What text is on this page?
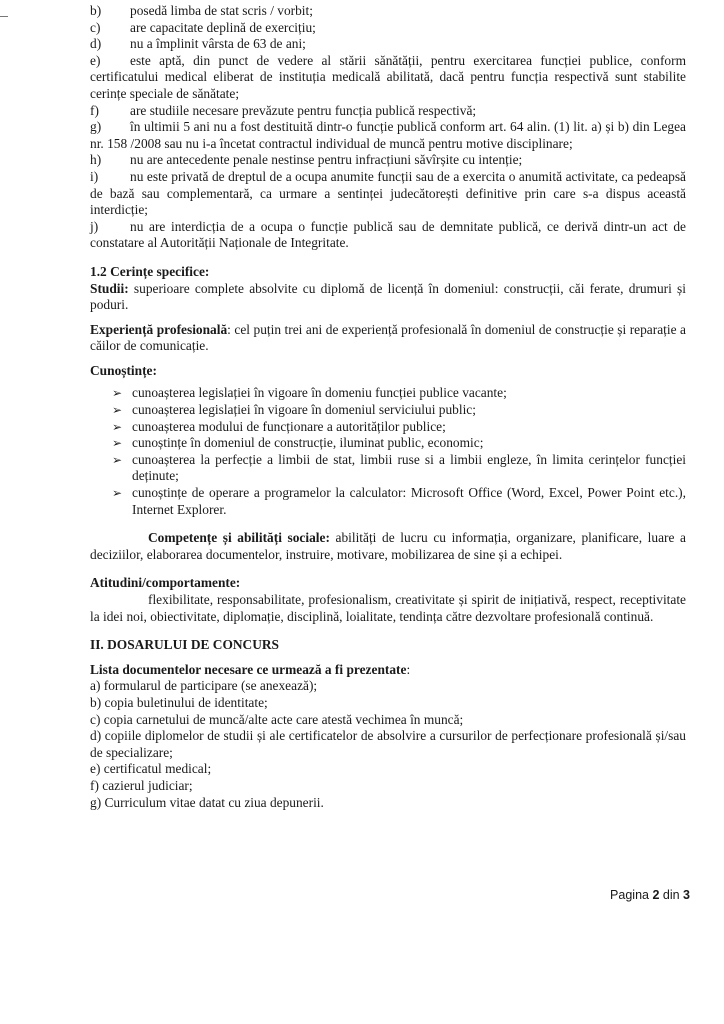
b)	posedă limba de stat scris / vorbit;
c)	are capacitate deplină de exercițiu;
d)	nu a împlinit vârsta de 63 de ani;
e) este aptă, din punct de vedere al stării sănătății, pentru exercitarea funcției publice, conform certificatului medical eliberat de instituția medicală abilitată, dacă pentru funcția respectivă sunt stabilite cerințe speciale de sănătate;
f)	are studiile necesare prevăzute pentru funcția publică respectivă;
g) în ultimii 5 ani nu a fost destituită dintr-o funcție publică conform art. 64 alin. (1) lit. a) și b) din Legea nr. 158 /2008 sau nu i-a încetat contractul individual de muncă pentru motive disciplinare;
h)	nu are antecedente penale nestinse pentru infracțiuni săvîrșite cu intenție;
i) nu este privată de dreptul de a ocupa anumite funcții sau de a exercita o anumită activitate, ca pedeapsă de bază sau complementară, ca urmare a sentinței judecătorești definitive prin care s-a dispus această interdicție;
j) nu are interdicția de a ocupa o funcție publică sau de demnitate publică, ce derivă dintr-un act de constatare al Autorității Naționale de Integritate.
1.2 Cerințe specifice:
Studii: superioare complete absolvite cu diplomă de licență în domeniul: construcții, căi ferate, drumuri și poduri.
Experiență profesională: cel puțin trei ani de experiență profesională în domeniul de construcție și reparație a căilor de comunicație.
Cunoștințe:
➢ cunoașterea legislației în vigoare în domeniu funcției publice vacante;
➢ cunoașterea legislației în vigoare în domeniul serviciului public;
➢ cunoașterea modului de funcționare a autorităților publice;
➢ cunoștințe în domeniul de construcție, iluminat public, economic;
➢ cunoașterea la perfecție a limbii de stat, limbii ruse si a limbii engleze, în limita cerințelor funcției deținute;
➢ cunoștințe de operare a programelor la calculator: Microsoft Office (Word, Excel, Power Point etc.), Internet Explorer.
Competențe și abilități sociale: abilități de lucru cu informația, organizare, planificare, luare a deciziilor, elaborarea documentelor, instruire, motivare, mobilizarea de sine și a echipei.
Atitudini/comportamente:
flexibilitate, responsabilitate, profesionalism, creativitate și spirit de inițiativă, respect, receptivitate la idei noi, obiectivitate, diplomație, disciplină, loialitate, tendința către dezvoltare profesională continuă.
II. DOSARULUI DE CONCURS
Lista documentelor necesare ce urmează a fi prezentate:
a) formularul de participare (se anexează);
b) copia buletinului de identitate;
c) copia carnetului de muncă/alte acte care atestă vechimea în muncă;
d) copiile diplomelor de studii și ale certificatelor de absolvire a cursurilor de perfecționare profesională și/sau de specializare;
e) certificatul medical;
f) cazierul judiciar;
g) Curriculum vitae datat cu ziua depunerii.
Pagina 2 din 3
